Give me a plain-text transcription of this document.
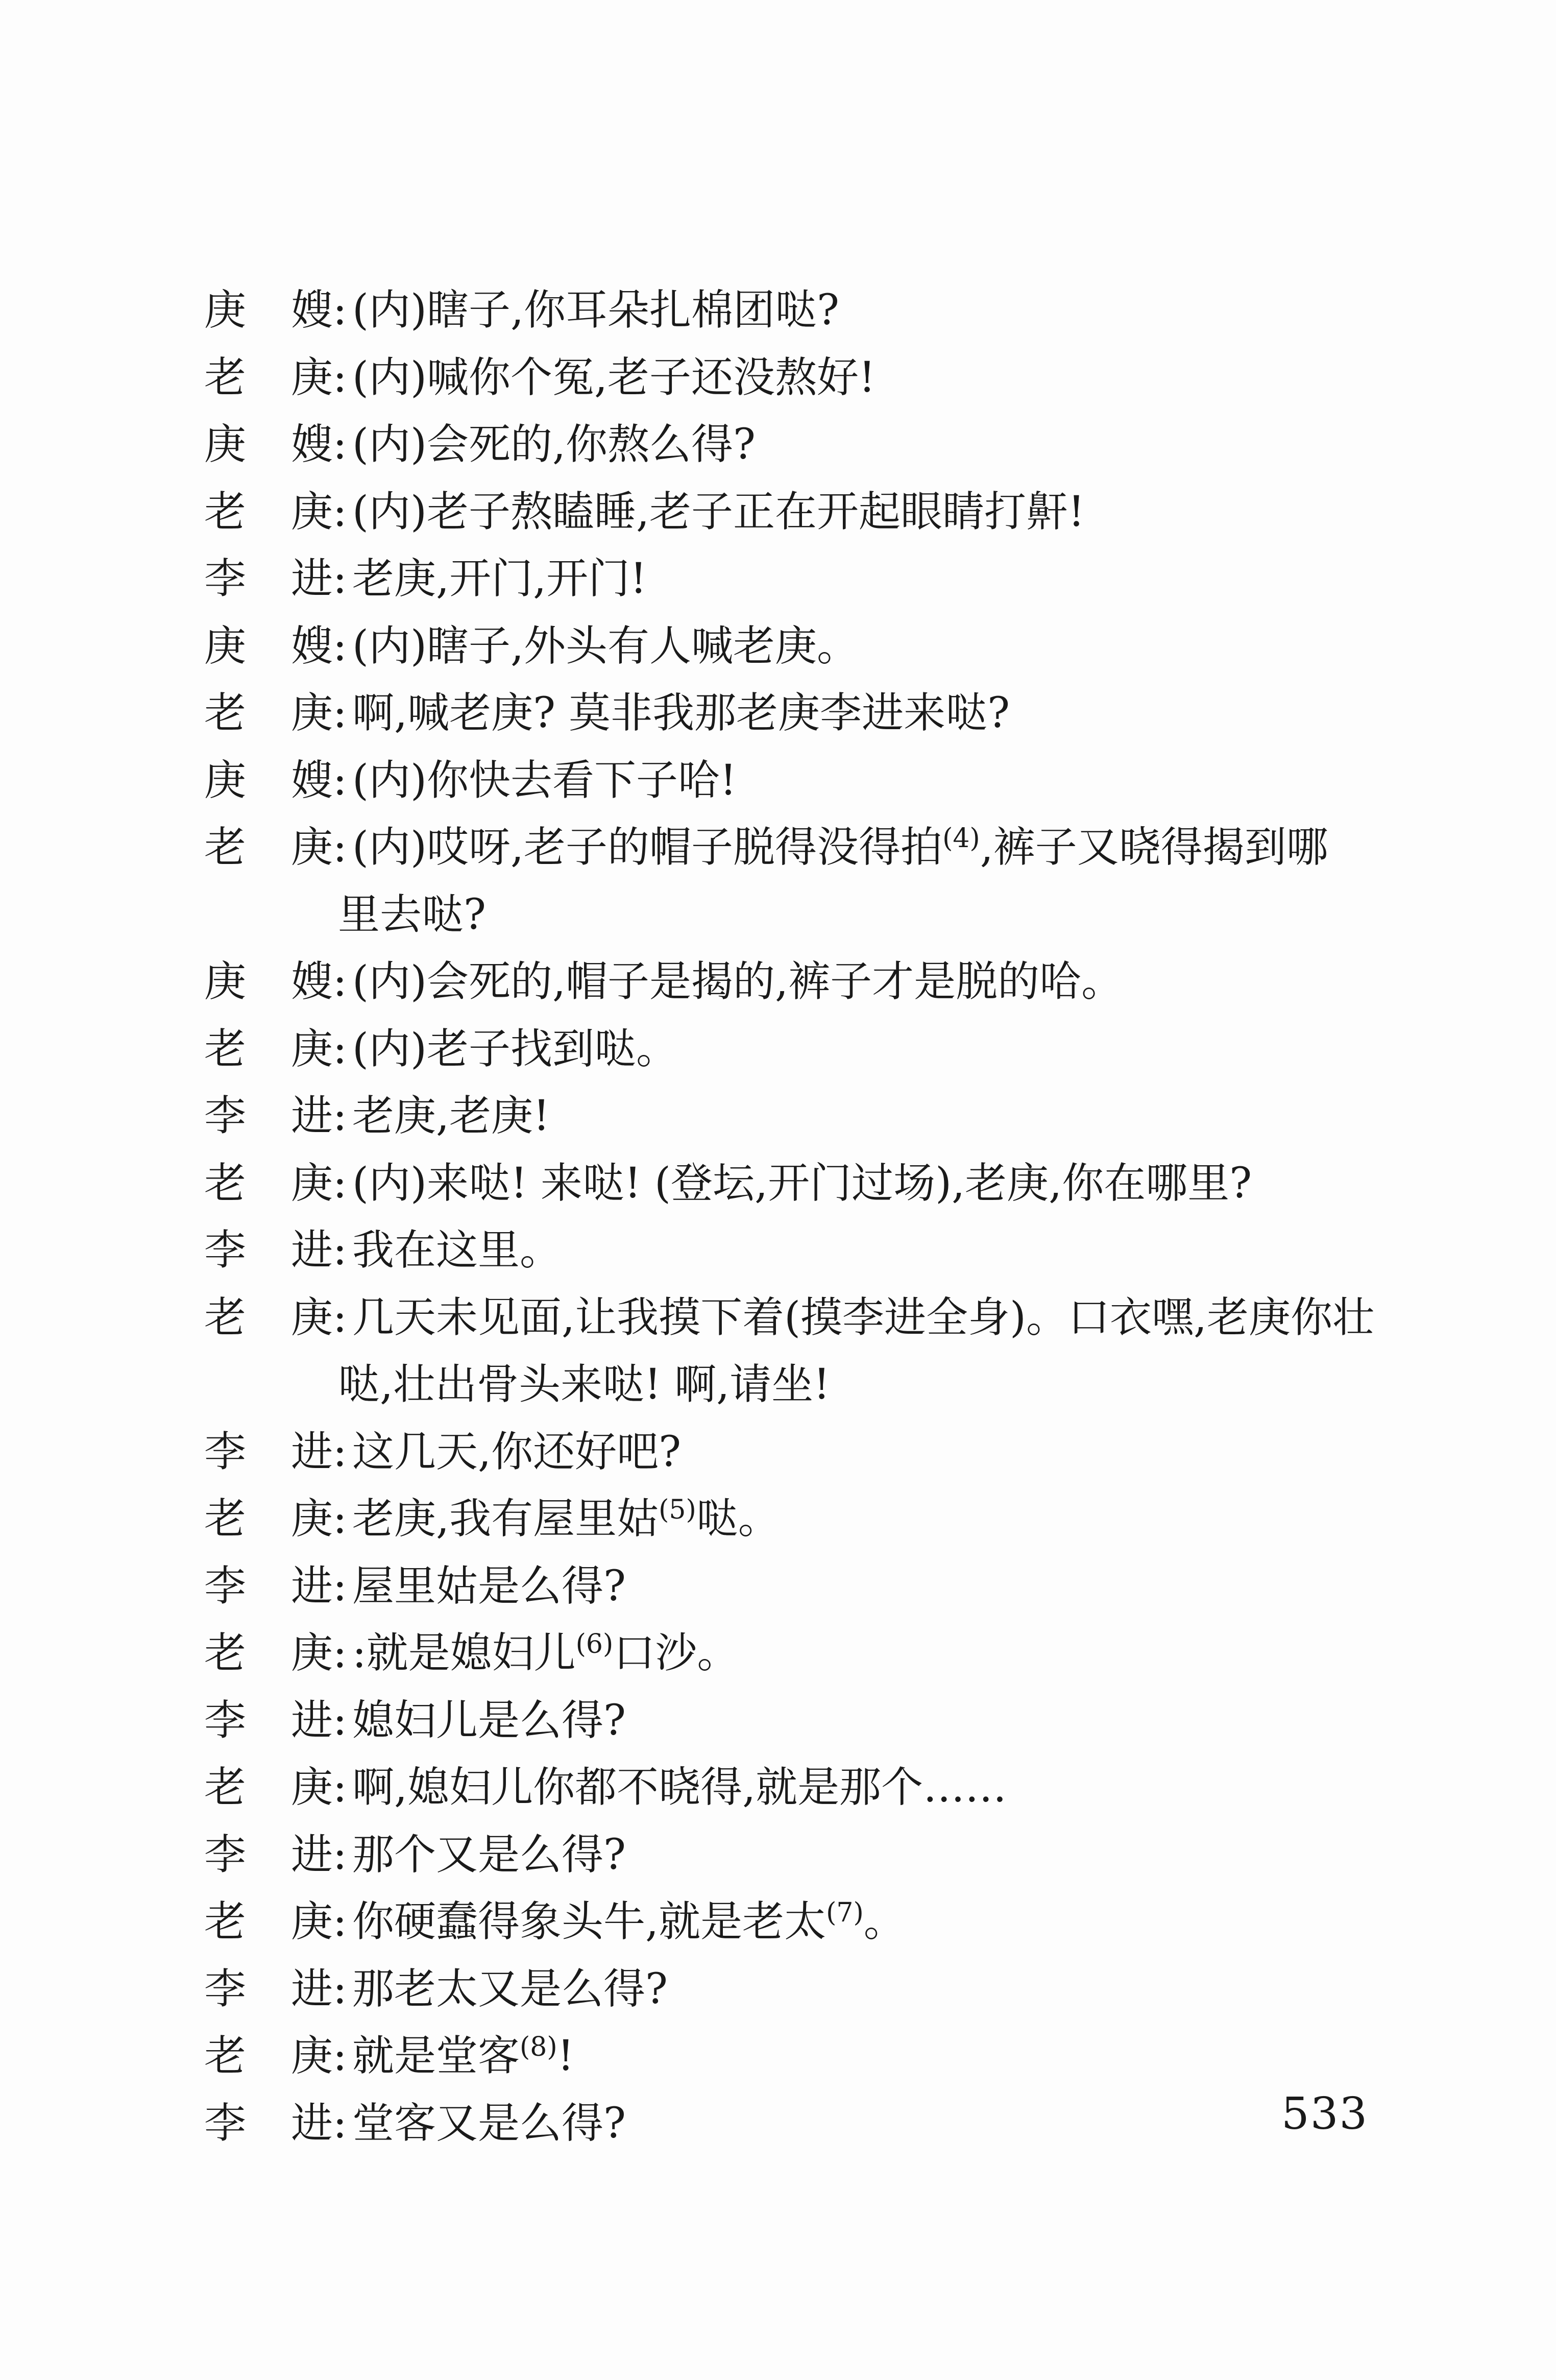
庚 嫂 : (内)瞎子,你耳朵扎棉团哒?
老 庚 : (内)喊你个冤,老子还没熬好!
庚 嫂 : (内)会死的,你熬么得?
老 庚 : (内)老子熬瞌睡,老子正在开起眼睛打鼾!
李 进 : 老庚,开门,开门!
庚 嫂 : (内)瞎子,外头有人喊老庚。
老 庚 : 啊,喊老庚? 莫非我那老庚李进来哒?
庚 嫂 : (内)你快去看下子哈!
老 庚 : (内)哎呀,老子的帽子脱得没得拍$^{(4)}$,裤子又晓得揭到哪
里去哒?
庚 嫂 : (内)会死的,帽子是揭的,裤子才是脱的哈。
老 庚 : (内)老子找到哒。
李 进 : 老庚,老庚!
老 庚 : (内)来哒! 来哒! (登坛,开门过场),老庚,你在哪里?
李 进 : 我在这里。
老 庚 : 几天未见面,让我摸下着(摸李进全身)。口衣嘿,老庚你壮
哒,壮出骨头来哒! 啊,请坐!
李 进 : 这几天,你还好吧?
老 庚 : 老庚,我有屋里姑$^{(5)}$哒。
李 进 : 屋里姑是么得?
老 庚 : :就是媳妇儿$^{(6)}$口沙。
李 进 : 媳妇儿是么得?
老 庚 : 啊,媳妇儿你都不晓得,就是那个……
李 进 : 那个又是么得?
老 庚 : 你硬蠢得象头牛,就是老太$^{(7)}$。
李 进 : 那老太又是么得?
老 庚 : 就是堂客$^{(8)}$!
李 进 : 堂客又是么得?	533
